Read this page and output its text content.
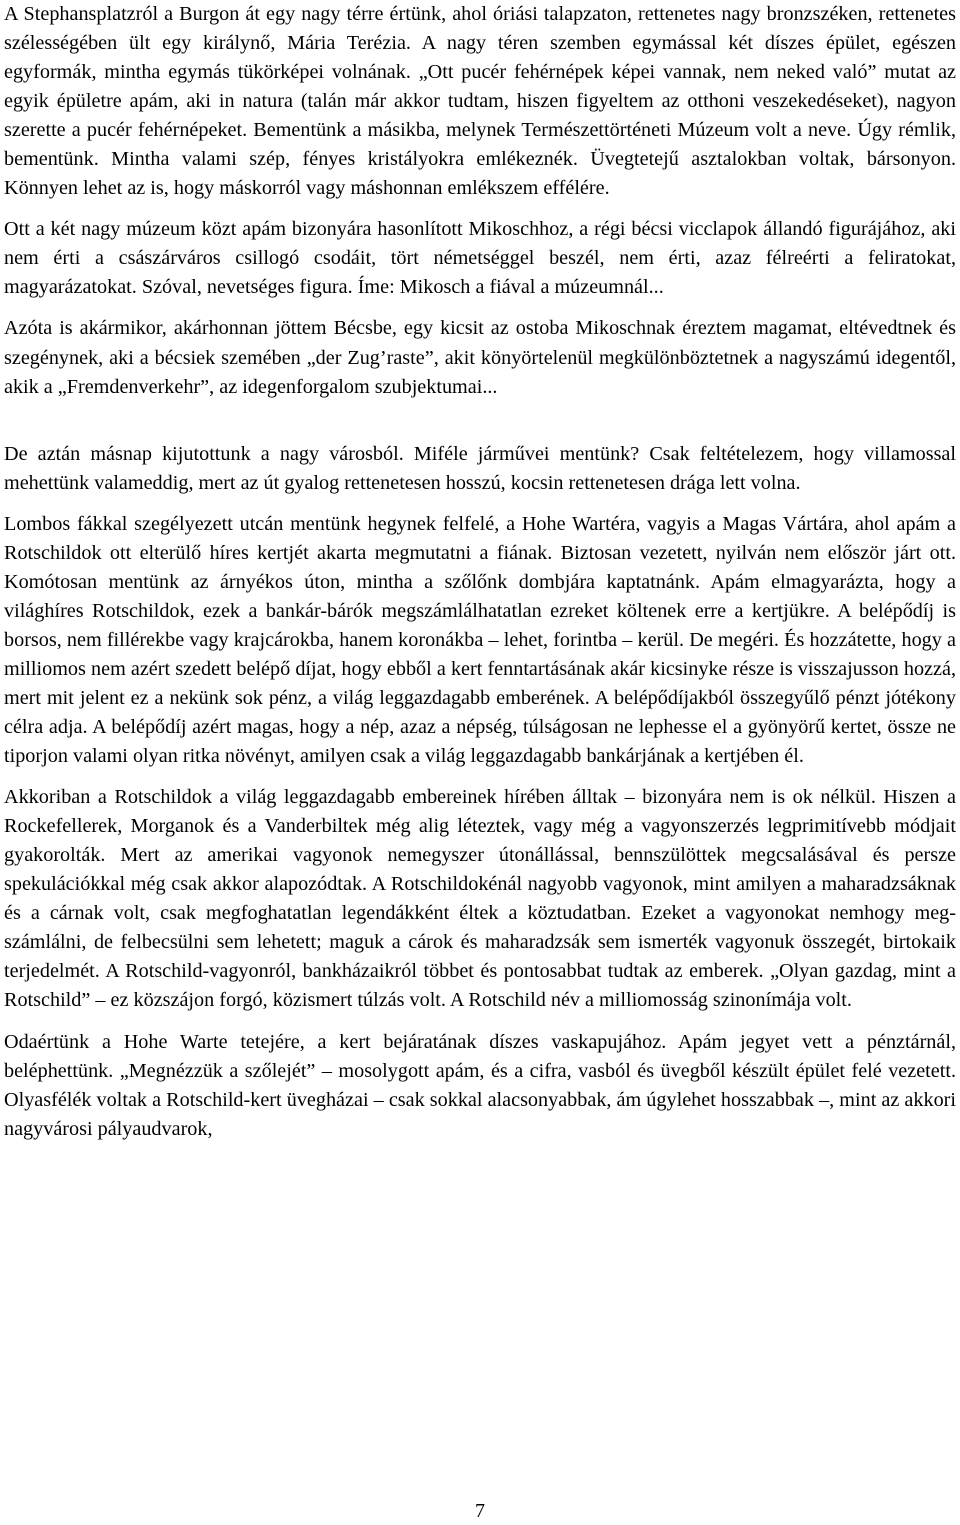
A Stephansplatzról a Burgon át egy nagy térre értünk, ahol óriási talapzaton, rettenetes nagy bronzszéken, rettenetes szélességében ült egy királynő, Mária Terézia. A nagy téren szemben egymással két díszes épület, egészen egyformák, mintha egymás tükörképei volnának. „Ott pucér fehérnépek képei vannak, nem neked való” mutat az egyik épületre apám, aki in natura (talán már akkor tudtam, hiszen figyeltem az otthoni veszekedéseket), nagyon szerette a pucér fehérnépeket. Bementünk a másikba, melynek Természettörténeti Múzeum volt a neve. Úgy rémlik, bementünk. Mintha valami szép, fényes kristályokra emlékeznék. Üvegtetejű asztalokban voltak, bársonyon. Könnyen lehet az is, hogy máskorról vagy máshonnan emlékszem effélére.

Ott a két nagy múzeum közt apám bizonyára hasonlított Mikoschhoz, a régi bécsi vicclapok állandó figurájához, aki nem érti a császárváros csillogó csodáit, tört németséggel beszél, nem érti, azaz félreérti a feliratokat, magyarázatokat. Szóval, nevetséges figura. Íme: Mikosch a fiával a múzeumnál...

Azóta is akármikor, akárhonnan jöttem Bécsbe, egy kicsit az ostoba Mikoschnak éreztem magamat, eltévedtnek és szegénynek, aki a bécsiek szemében „der Zug’raste”, akit könyörtelenül megkülönböztetnek a nagyszámú idegentől, akik a „Fremdenverkehr”, az idegenforgalom szubjektumai...

De aztán másnap kijutottunk a nagy városból. Miféle járművei mentünk? Csak feltételezem, hogy villamossal mehettünk valameddig, mert az út gyalog rettenetesen hosszú, kocsin rettenetesen drága lett volna.

Lombos fákkal szegélyezett utcán mentünk hegynek felfelé, a Hohe Wartéra, vagyis a Magas Vártára, ahol apám a Rotschildok ott elterülő híres kertjét akarta megmutatni a fiának. Biztosan vezetett, nyilván nem először járt ott. Komótosan mentünk az árnyékos úton, mintha a szőlőnk dombjára kaptatnánk. Apám elmagyarázta, hogy a világhíres Rotschildok, ezek a bankár-bárók megszámlálhatatlan ezreket költenek erre a kertjükre. A belépődíj is borsos, nem fillérekbe vagy krajcárokba, hanem koronákba – lehet, forintba – kerül. De megéri. És hozzátette, hogy a milliomos nem azért szedett belépő díjat, hogy ebből a kert fenntartásának akár kicsinyke része is visszajusson hozzá, mert mit jelent ez a nekünk sok pénz, a világ leggazdagabb emberének. A belépődíjakból összegyűlő pénzt jótékony célra adja. A belépődíj azért magas, hogy a nép, azaz a népség, túlságosan ne lephesse el a gyönyörű kertet, össze ne tiporjon valami olyan ritka növényt, amilyen csak a világ leggazdagabb bankárjának a kertjében él.

Akkoriban a Rotschildok a világ leggazdagabb embereinek hírében álltak – bizonyára nem is ok nélkül. Hiszen a Rockefellerek, Morganok és a Vanderbiltek még alig léteztek, vagy még a vagyonszerzés legprimitívebb módjait gyakorolták. Mert az amerikai vagyonok nemegyszer útonállással, bennszülöttek megcsalásával és persze spekulációkkal még csak akkor alapozódtak. A Rotschildokénál nagyobb vagyonok, mint amilyen a maharadzsáknak és a cárnak volt, csak megfoghatatlan legendákként éltek a köztudatban. Ezeket a vagyonokat nemhogy megszámlálni, de felbecsülni sem lehetett; maguk a cárok és maharadzsák sem ismerték vagyonuk összegét, birtokaik terjedelmét. A Rotschild-vagyonról, bankházaikról többet és pontosabbat tudtak az emberek. „Olyan gazdag, mint a Rotschild” – ez közszájon forgó, közismert túlzás volt. A Rotschild név a milliomosság szinonímája volt.

Odaértünk a Hohe Warte tetejére, a kert bejáratának díszes vaskapujához. Apám jegyet vett a pénztárnál, beléphettünk. „Megnézzük a szőlejét” – mosolygott apám, és a cifra, vasból és üvegből készült épület felé vezetett. Olyasfélék voltak a Rotschild-kert üvegházai – csak sokkal alacsonyabbak, ám úgylehet hosszabbak –, mint az akkori nagyvárosi pályaudvarok,

7
